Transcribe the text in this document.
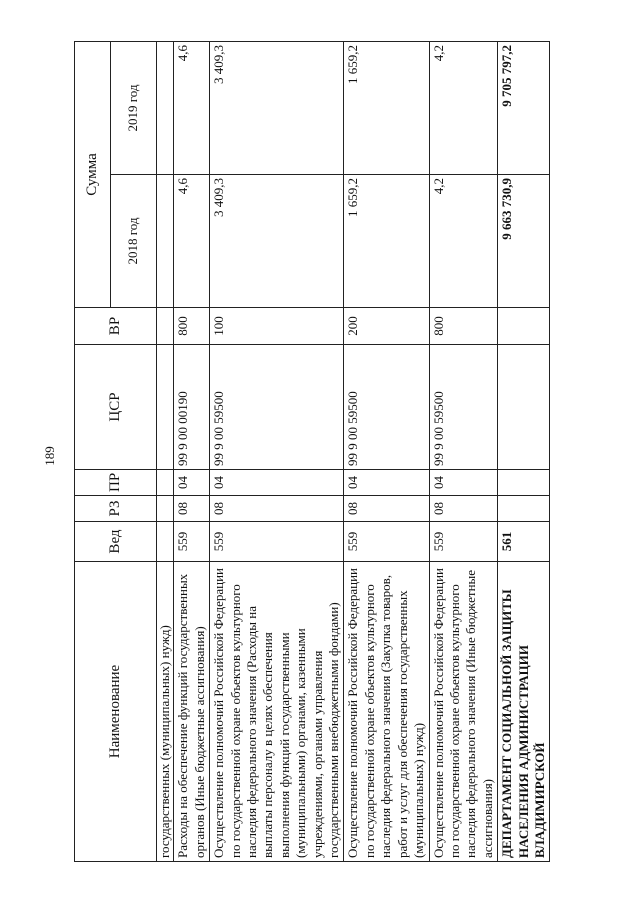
189
Наименование	Вед	РЗ	ПР	ЦСР	ВР	Сумма	
						2018 год	2019 год
государственных (муниципальных) нужд)							
Расходы на обеспечение функций государственных органов (Иные бюджетные ассигнования)	559	08	04	99 9 00 00190	800	4,6	4,6
Осуществление полномочий Российской Федерации по государственной охране объектов культурного наследия федерального значения (Расходы на выплаты персоналу в целях обеспечения выполнения функций государственными (муниципальными) органами, казенными учреждениями, органами управления государственными внебюджетными фондами)	559	08	04	99 9 00 59500	100	3 409,3	3 409,3
Осуществление полномочий Российской Федерации по государственной охране объектов культурного наследия федерального значения (Закупка товаров, работ и услуг для обеспечения государственных (муниципальных) нужд)	559	08	04	99 9 00 59500	200	1 659,2	1 659,2
Осуществление полномочий Российской Федерации по государственной охране объектов культурного наследия федерального значения (Иные бюджетные ассигнования)	559	08	04	99 9 00 59500	800	4,2	4,2
ДЕПАРТАМЕНТ СОЦИАЛЬНОЙ ЗАЩИТЫ НАСЕЛЕНИЯ АДМИНИСТРАЦИИ ВЛАДИМИРСКОЙ	561					9 663 730,9	9 705 797,2
